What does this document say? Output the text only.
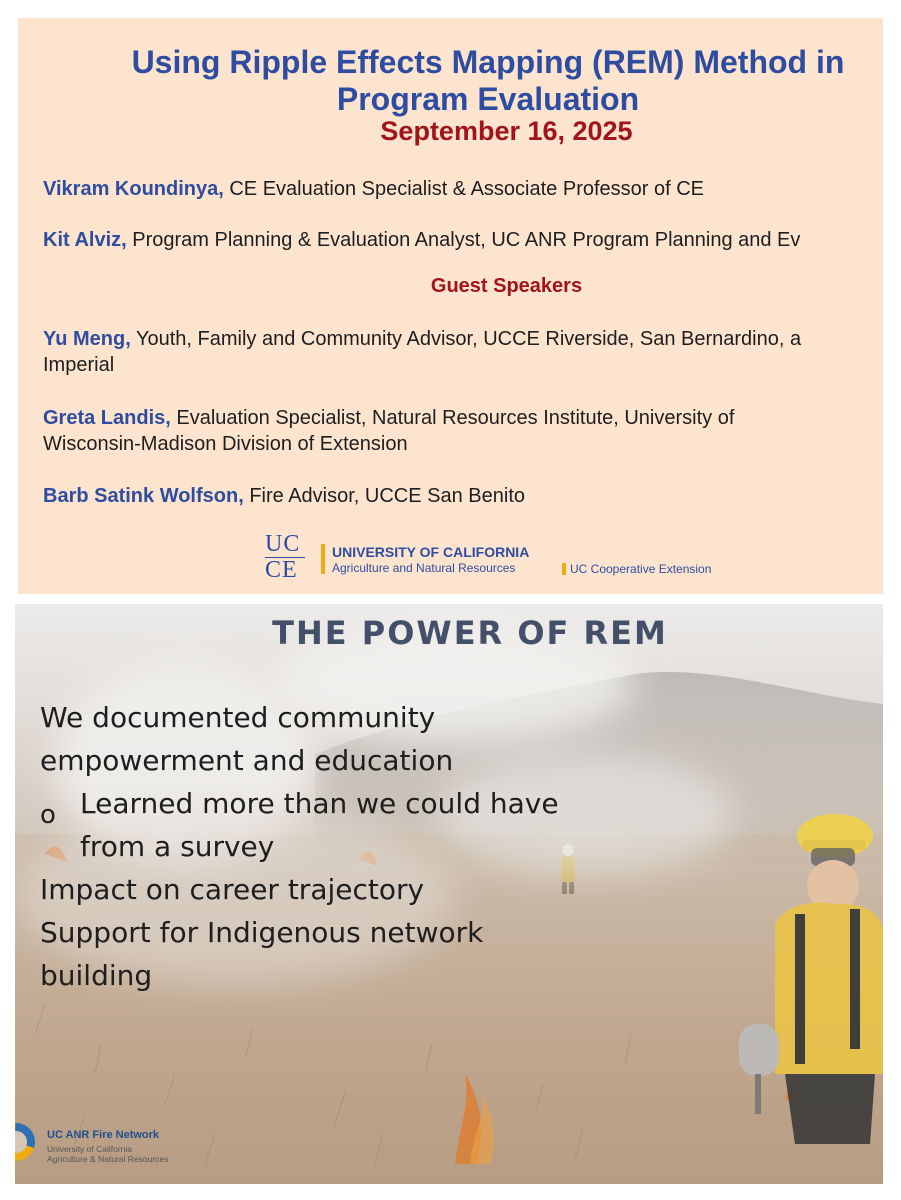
Using Ripple Effects Mapping (REM) Method in
Program Evaluation
September 16, 2025
Vikram Koundinya, CE Evaluation Specialist & Associate Professor of CE
Kit Alviz, Program Planning & Evaluation Analyst, UC ANR Program Planning and Ev
Guest Speakers
Yu Meng, Youth, Family and Community Advisor, UCCE Riverside, San Bernardino, a
Imperial
Greta Landis, Evaluation Specialist, Natural Resources Institute, University of
Wisconsin-Madison Division of Extension
Barb Satink Wolfson, Fire Advisor, UCCE San Benito
UC
CE
UNIVERSITY OF CALIFORNIA
Agriculture and Natural Resources	UC Cooperative Extension
THE POWER OF REM
We documented community
empowerment and education
o Learned more than we could have
from a survey
Impact on career trajectory
Support for Indigenous network
building
UC ANR Fire Network
University of California
Agriculture & Natural Resources
